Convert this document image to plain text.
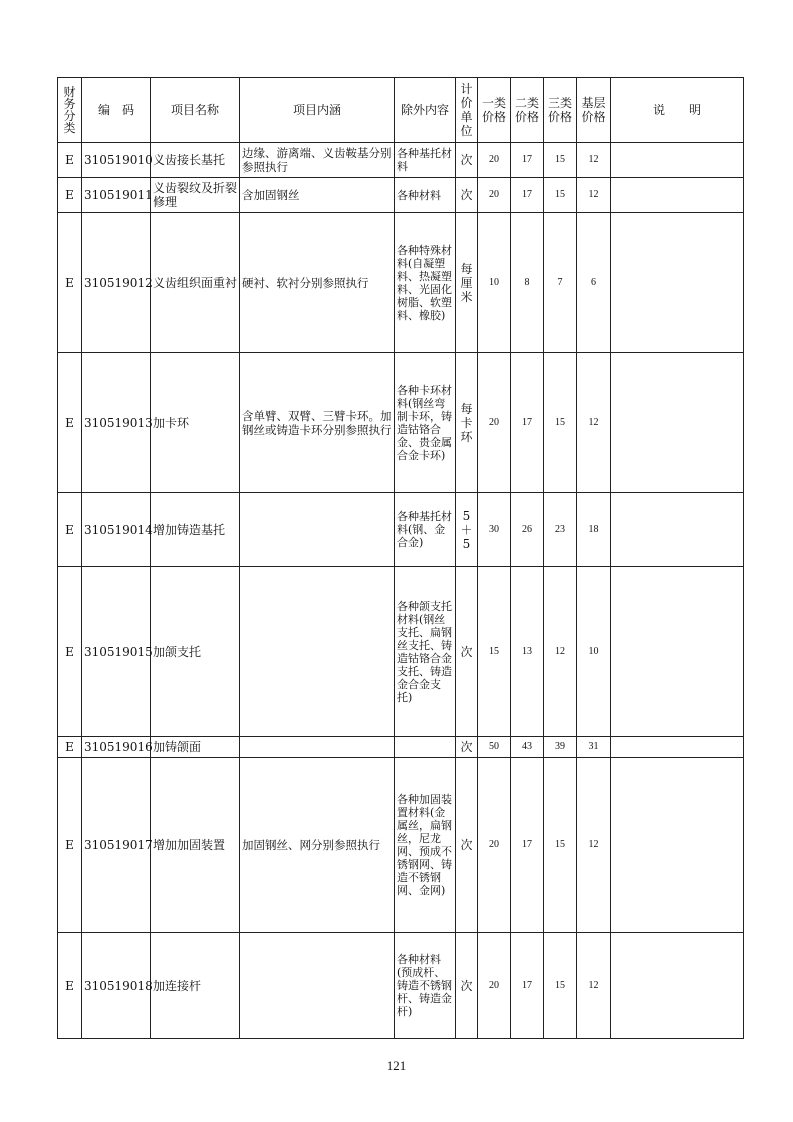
财务分类	编　码	项目名称	项目内涵	除外内容	计价单位	一类价格	二类价格	三类价格	基层价格	说　　明
E	310519010	义齿接长基托	边缘、游离端、义齿鞍基分别参照执行	各种基托材料	次	20	17	15	12	
E	310519011	义齿裂纹及折裂修理	含加固钢丝	各种材料	次	20	17	15	12	
E	310519012	义齿组织面重衬	硬衬、软衬分别参照执行	各种特殊材料(自凝塑料、热凝塑料、光固化树脂、软塑料、橡胶)	每厘米	10	8	7	6	
E	310519013	加卡环	含单臂、双臂、三臂卡环。加钢丝或铸造卡环分别参照执行	各种卡环材料(钢丝弯制卡环，铸造钴铬合金、贵金属合金卡环)	每卡环	20	17	15	12	
E	310519014	增加铸造基托		各种基托材料(钢、金合金)	5＋5	30	26	23	18	
E	310519015	加颌支托		各种颌支托材料(钢丝支托、扁钢丝支托、铸造钴铬合金支托、铸造金合金支托)	次	15	13	12	10	
E	310519016	加铸颌面			次	50	43	39	31	
E	310519017	增加加固装置	加固钢丝、网分别参照执行	各种加固装置材料(金属丝，扁钢丝，尼龙网、预成不锈钢网、铸造不锈钢网、金网)	次	20	17	15	12	
E	310519018	加连接杆		各种材料(预成杆、铸造不锈钢杆、铸造金杆)	次	20	17	15	12	
121
